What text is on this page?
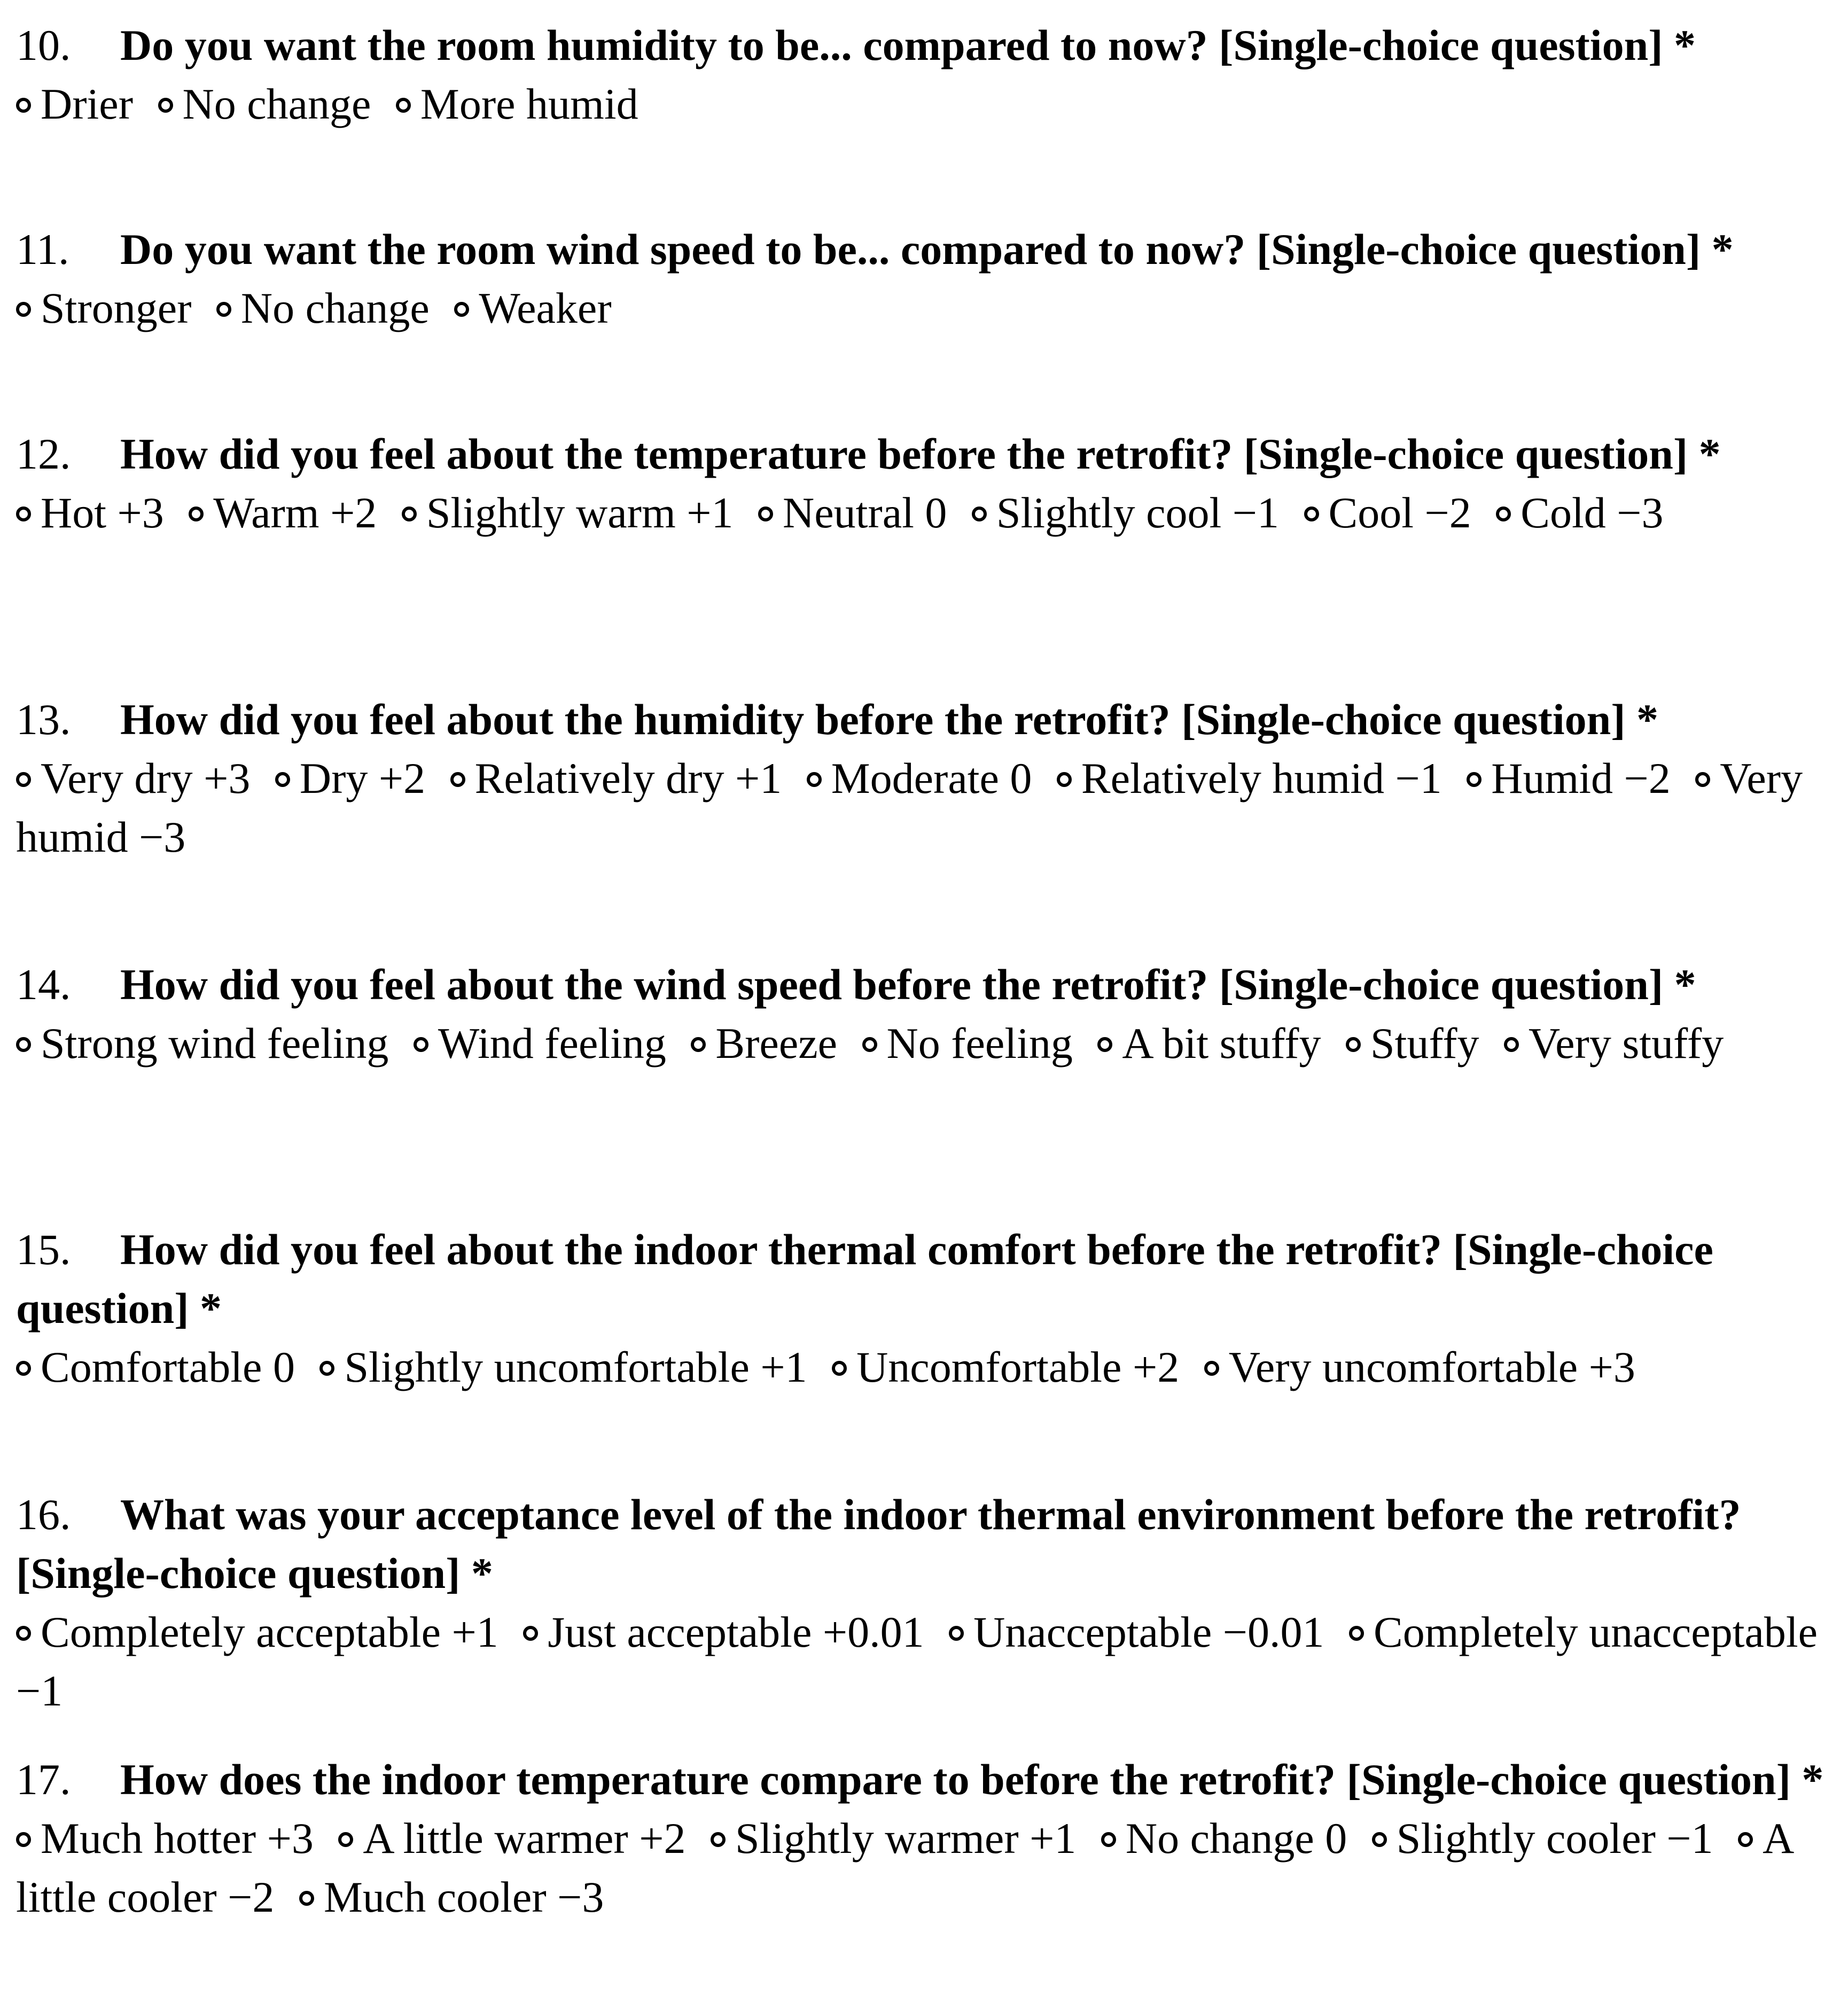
10. Do you want the room humidity to be... compared to now? [Single-choice question] *

Drier No change More humid

11. Do you want the room wind speed to be... compared to now? [Single-choice question] *

Stronger No change Weaker

12. How did you feel about the temperature before the retrofit? [Single-choice question] *

Hot +3 Warm +2 Slightly warm +1 Neutral 0 Slightly cool −1 Cool −2 Cold −3

13. How did you feel about the humidity before the retrofit? [Single-choice question] *

Very dry +3 Dry +2 Relatively dry +1 Moderate 0 Relatively humid −1 Humid −2 Very humid −3

14. How did you feel about the wind speed before the retrofit? [Single-choice question] *

Strong wind feeling Wind feeling Breeze No feeling A bit stuffy Stuffy Very stuffy

15. How did you feel about the indoor thermal comfort before the retrofit? [Single-choice question] *

Comfortable 0 Slightly uncomfortable +1 Uncomfortable +2 Very uncomfortable +3

16. What was your acceptance level of the indoor thermal environment before the retrofit? [Single-choice question] *

Completely acceptable +1 Just acceptable +0.01 Unacceptable −0.01 Completely unacceptable −1

17. How does the indoor temperature compare to before the retrofit? [Single-choice question] *

Much hotter +3 A little warmer +2 Slightly warmer +1 No change 0 Slightly cooler −1 A little cooler −2 Much cooler −3
